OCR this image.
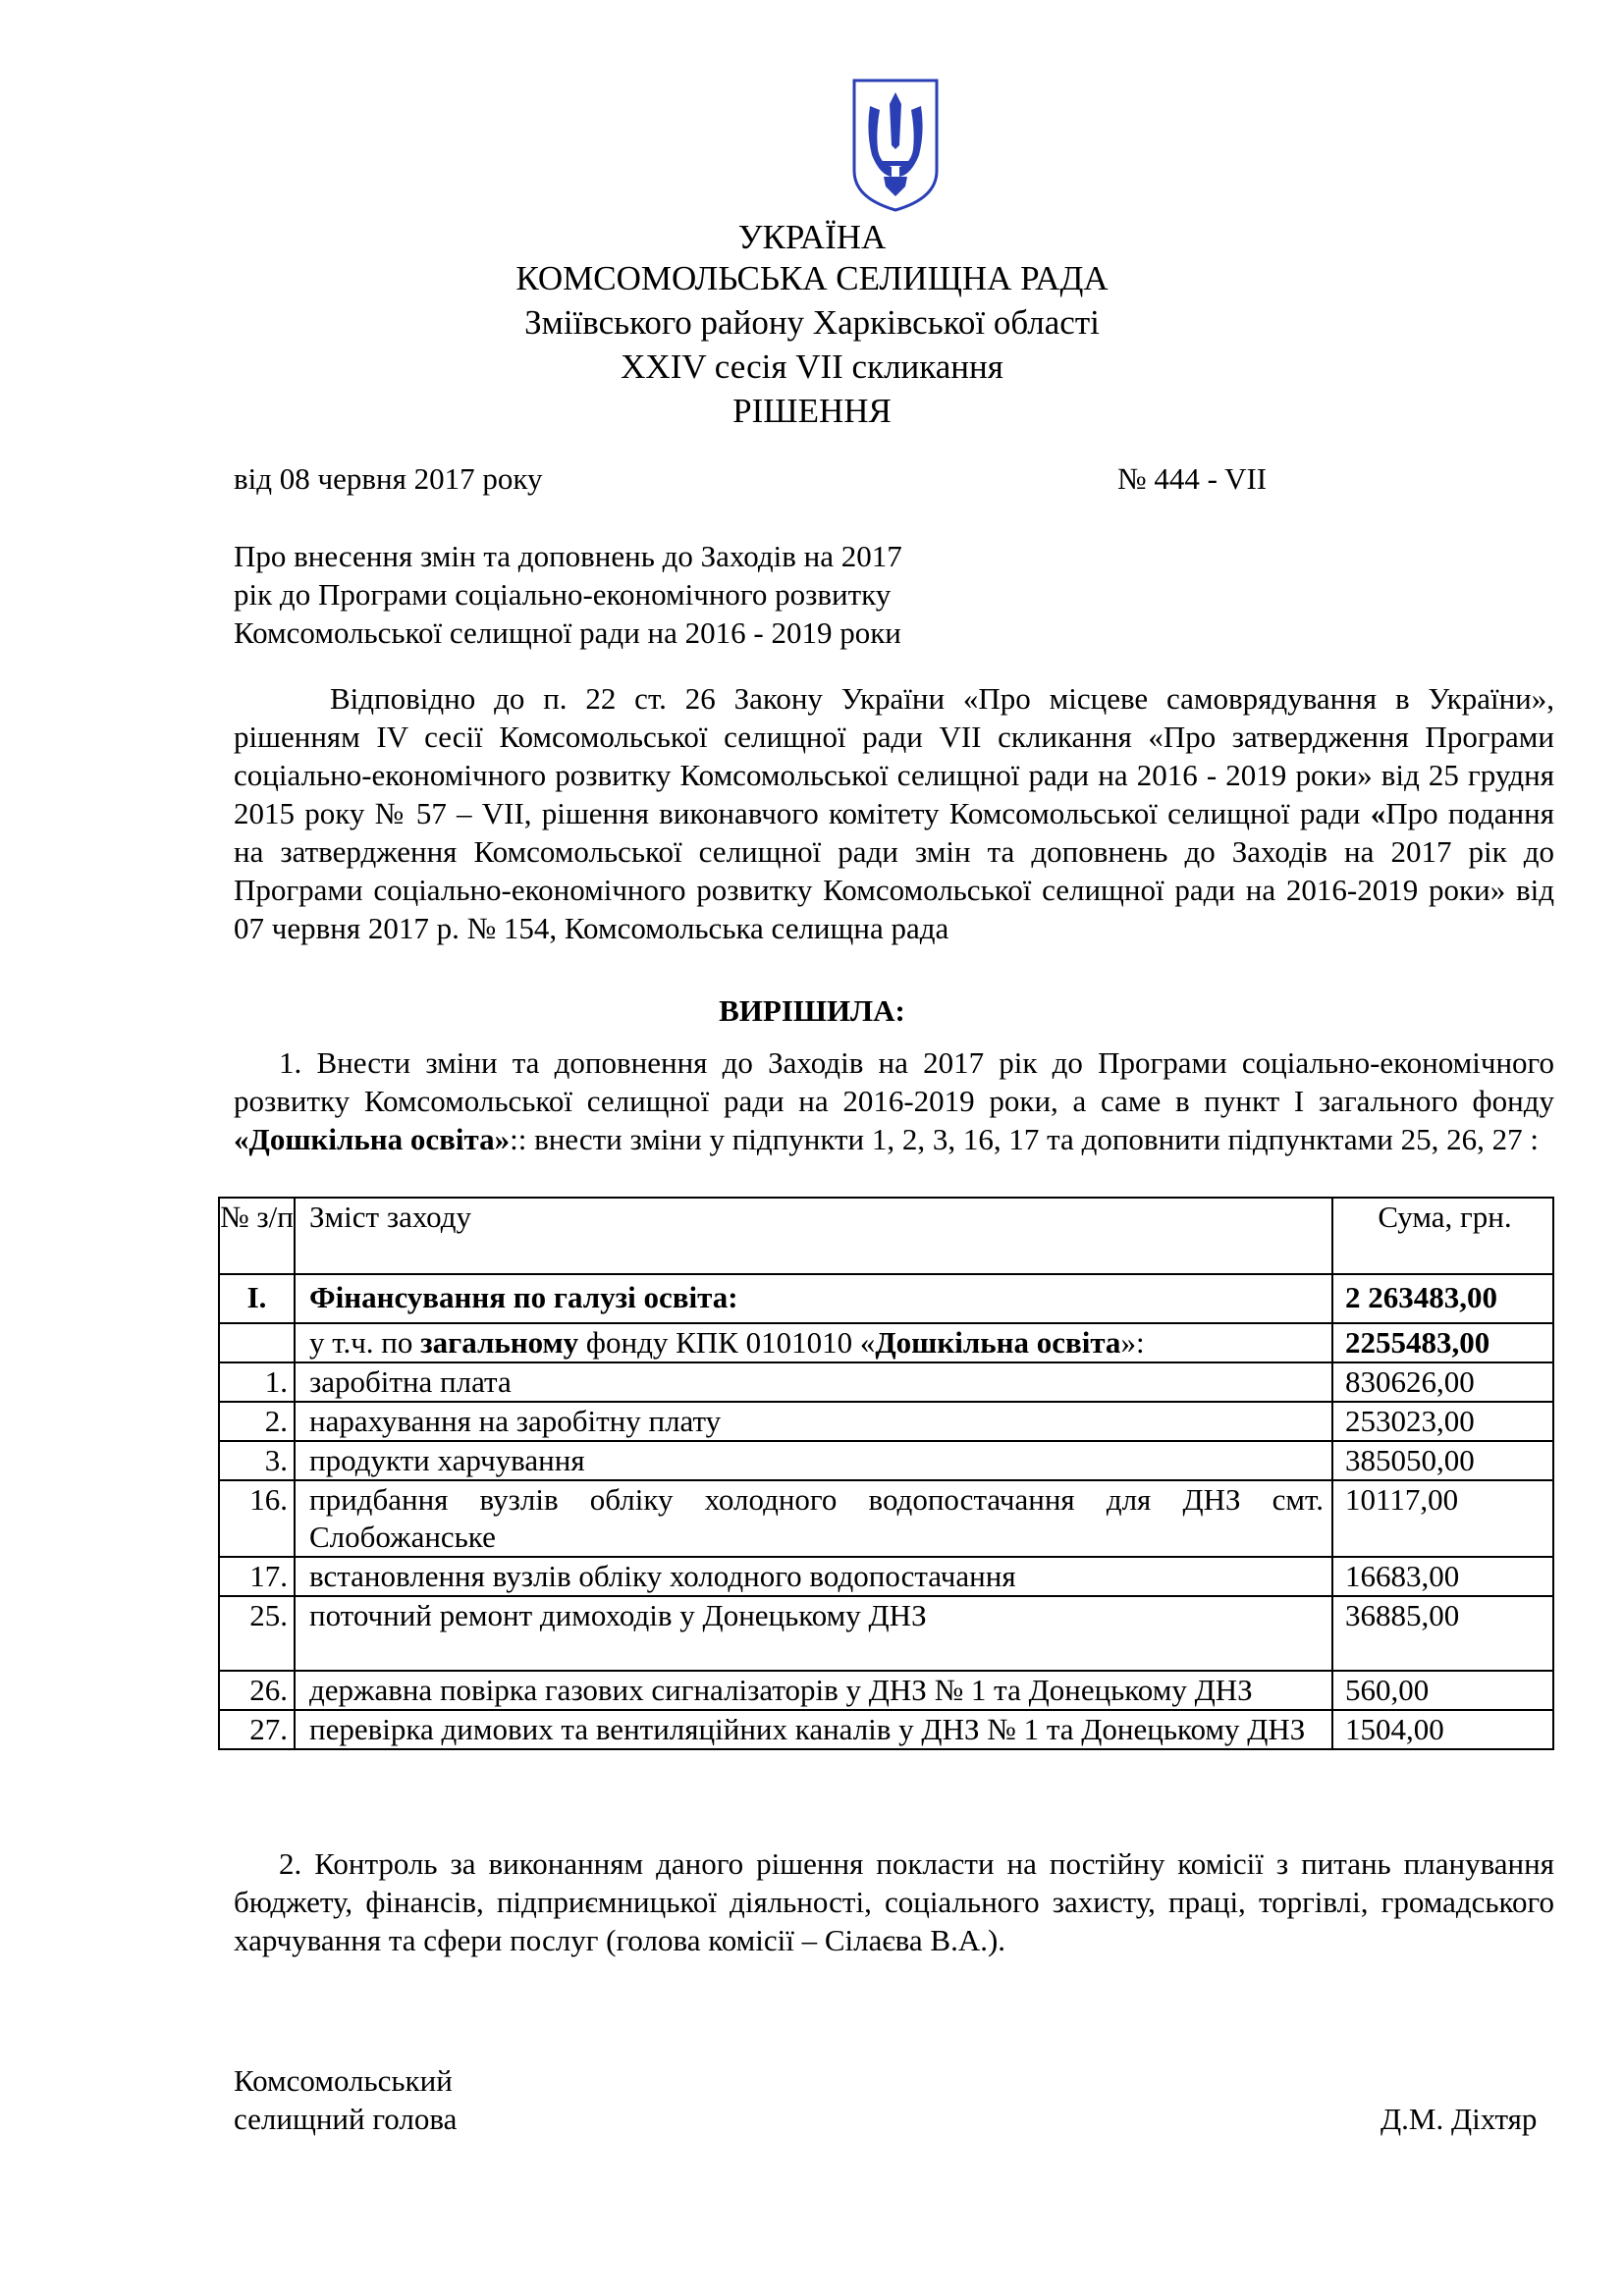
УКРАЇНА
КОМСОМОЛЬСЬКА СЕЛИЩНА РАДА
Зміївського району Харківської області
XXIV сесія VII скликання
РІШЕННЯ
від 08 червня 2017 року	№ 444 - VII
Про внесення змін та доповнень до Заходів на 2017
рік до Програми соціально-економічного розвитку
Комсомольської селищної ради на 2016 - 2019 роки
Відповідно до п. 22 ст. 26 Закону України «Про місцеве самоврядування в України», рішенням IV сесії Комсомольської селищної ради VII скликання «Про затвердження Програми соціально-економічного розвитку Комсомольської селищної ради на 2016 - 2019 роки» від 25 грудня 2015 року № 57 – VII, рішення виконавчого комітету Комсомольської селищної ради «Про подання на затвердження Комсомольської селищної ради змін та доповнень до Заходів на 2017 рік до Програми соціально-економічного розвитку Комсомольської селищної ради на 2016-2019 роки» від 07 червня 2017 р. № 154, Комсомольська селищна рада
ВИРІШИЛА:
1. Внести зміни та доповнення до Заходів на 2017 рік до Програми соціально-економічного розвитку Комсомольської селищної ради на 2016-2019 роки, а саме в пункт І загального фонду «Дошкільна освіта»:: внести зміни у підпункти 1, 2, 3, 16, 17 та доповнити підпунктами 25, 26, 27 :
№ з/п	Зміст заходу	Сума, грн.
I.	Фінансування по галузі освіта:	2 263483,00
	у т.ч. по загальному фонду КПК 0101010 «Дошкільна освіта»:	2255483,00
1.	заробітна плата	830626,00
2.	нарахування на заробітну плату	253023,00
3.	продукти харчування	385050,00
16.	придбання вузлів обліку холодного водопостачання для ДНЗ смт. Слобожанське	10117,00
17.	встановлення вузлів обліку холодного водопостачання	16683,00
25.	поточний ремонт димоходів у Донецькому ДНЗ	36885,00
26.	державна повірка газових сигналізаторів у ДНЗ № 1 та Донецькому ДНЗ	560,00
27.	перевірка димових та вентиляційних каналів у ДНЗ № 1 та Донецькому ДНЗ	1504,00
2. Контроль за виконанням даного рішення покласти на постійну комісії з питань планування бюджету, фінансів, підприємницької діяльності, соціального захисту, праці, торгівлі, громадського харчування та сфери послуг (голова комісії – Сілаєва В.А.).
Комсомольський
селищний голова	Д.М. Діхтяр
